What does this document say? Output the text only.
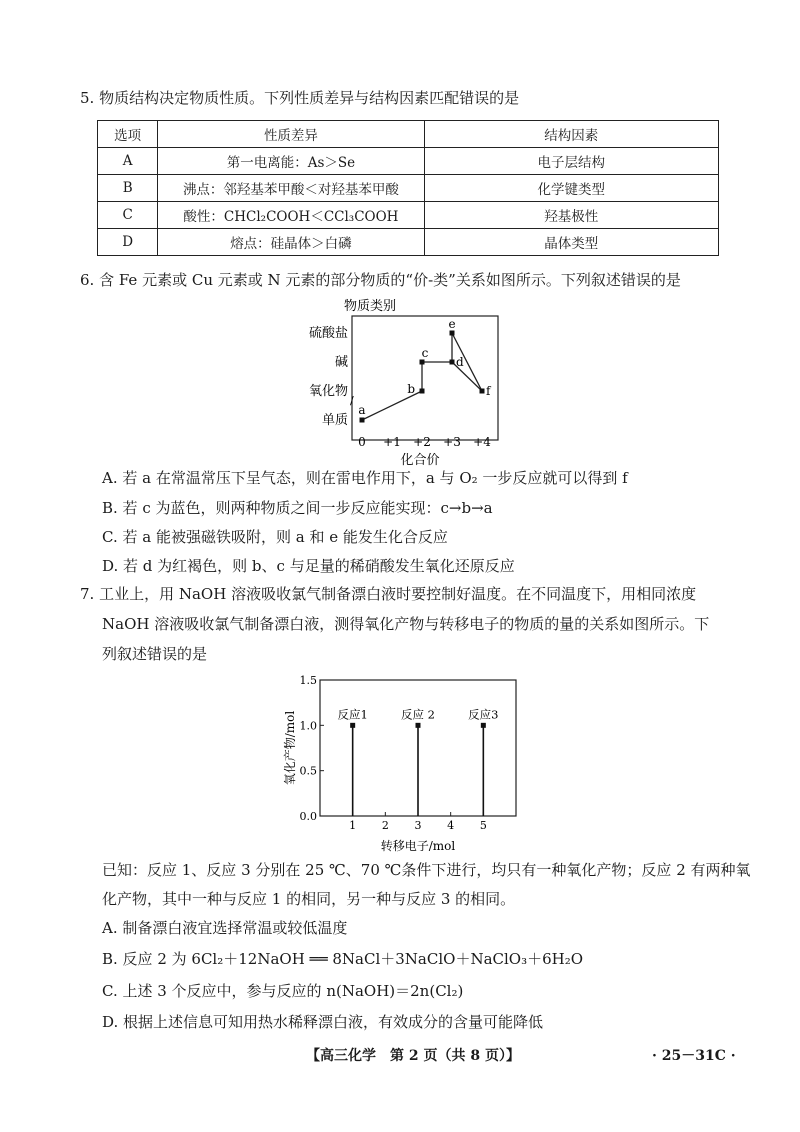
5. 物质结构决定物质性质。下列性质差异与结构因素匹配错误的是
选项	性质差异	结构因素
A	第一电离能：As＞Se	电子层结构
B	沸点：邻羟基苯甲酸＜对羟基苯甲酸	化学键类型
C	酸性：CHCl₂COOH＜CCl₃COOH	羟基极性
D	熔点：硅晶体＞白磷	晶体类型
6. 含 Fe 元素或 Cu 元素或 N 元素的部分物质的“价-类”关系如图所示。下列叙述错误的是
物质类别
单质
氧化物
碱
硫酸盐
0 +1 +2 +3 +4
a
b
c
d
e
f
化合价
/
A. 若 a 在常温常压下呈气态，则在雷电作用下，a 与 O₂ 一步反应就可以得到 f
B. 若 c 为蓝色，则两种物质之间一步反应能实现：c→b→a
C. 若 a 能被强磁铁吸附，则 a 和 e 能发生化合反应
D. 若 d 为红褐色，则 b、c 与足量的稀硝酸发生氧化还原反应
7. 工业上，用 NaOH 溶液吸收氯气制备漂白液时要控制好温度。在不同温度下，用相同浓度
NaOH 溶液吸收氯气制备漂白液，测得氧化产物与转移电子的物质的量的关系如图所示。下
列叙述错误的是
0.0
0.5
1.0
1.5
1 2 3 4 5
反应1	反应 2	反应3
氧化产物/mol
转移电子/mol
已知：反应 1、反应 3 分别在 25 ℃、70 ℃条件下进行，均只有一种氧化产物；反应 2 有两种氧
化产物，其中一种与反应 1 的相同，另一种与反应 3 的相同。
A. 制备漂白液宜选择常温或较低温度
B. 反应 2 为 6Cl₂＋12NaOH ══ 8NaCl＋3NaClO＋NaClO₃＋6H₂O
C. 上述 3 个反应中，参与反应的 n(NaOH)＝2n(Cl₂)
D. 根据上述信息可知用热水稀释漂白液，有效成分的含量可能降低
【高三化学　第 2 页（共 8 页）】	· 25－31C ·
